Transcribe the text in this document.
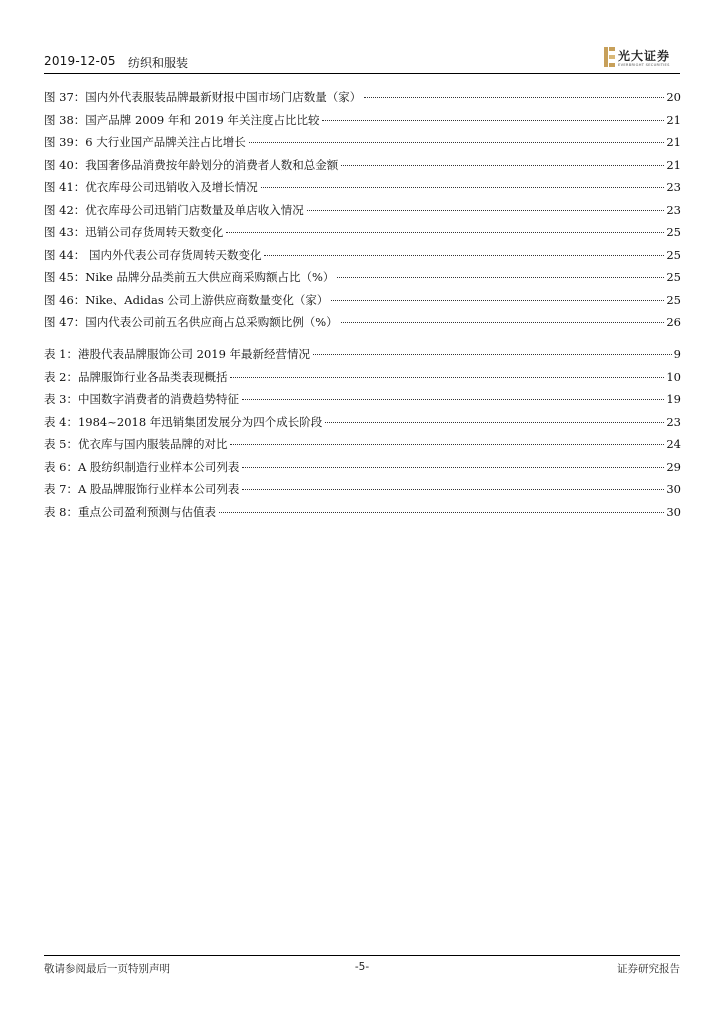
2019-12-05 纺织和服装	光大证券
EVERBRIGHT SECURITIES
图 37：国内外代表服装品牌最新财报中国市场门店数量（家）	20
图 38：国产品牌 2009 年和 2019 年关注度占比比较	21
图 39：6 大行业国产品牌关注占比增长	21
图 40：我国奢侈品消费按年龄划分的消费者人数和总金额	21
图 41：优衣库母公司迅销收入及增长情况	23
图 42：优衣库母公司迅销门店数量及单店收入情况	23
图 43：迅销公司存货周转天数变化	25
图 44： 国内外代表公司存货周转天数变化	25
图 45：Nike 品牌分品类前五大供应商采购额占比（%）	25
图 46：Nike、Adidas 公司上游供应商数量变化（家）	25
图 47：国内代表公司前五名供应商占总采购额比例（%）	26
表 1：港股代表品牌服饰公司 2019 年最新经营情况	9
表 2：品牌服饰行业各品类表现概括	10
表 3：中国数字消费者的消费趋势特征	19
表 4：1984~2018 年迅销集团发展分为四个成长阶段	23
表 5：优衣库与国内服装品牌的对比	24
表 6：A 股纺织制造行业样本公司列表	29
表 7：A 股品牌服饰行业样本公司列表	30
表 8：重点公司盈利预测与估值表	30
敬请参阅最后一页特别声明	-5-	证券研究报告
